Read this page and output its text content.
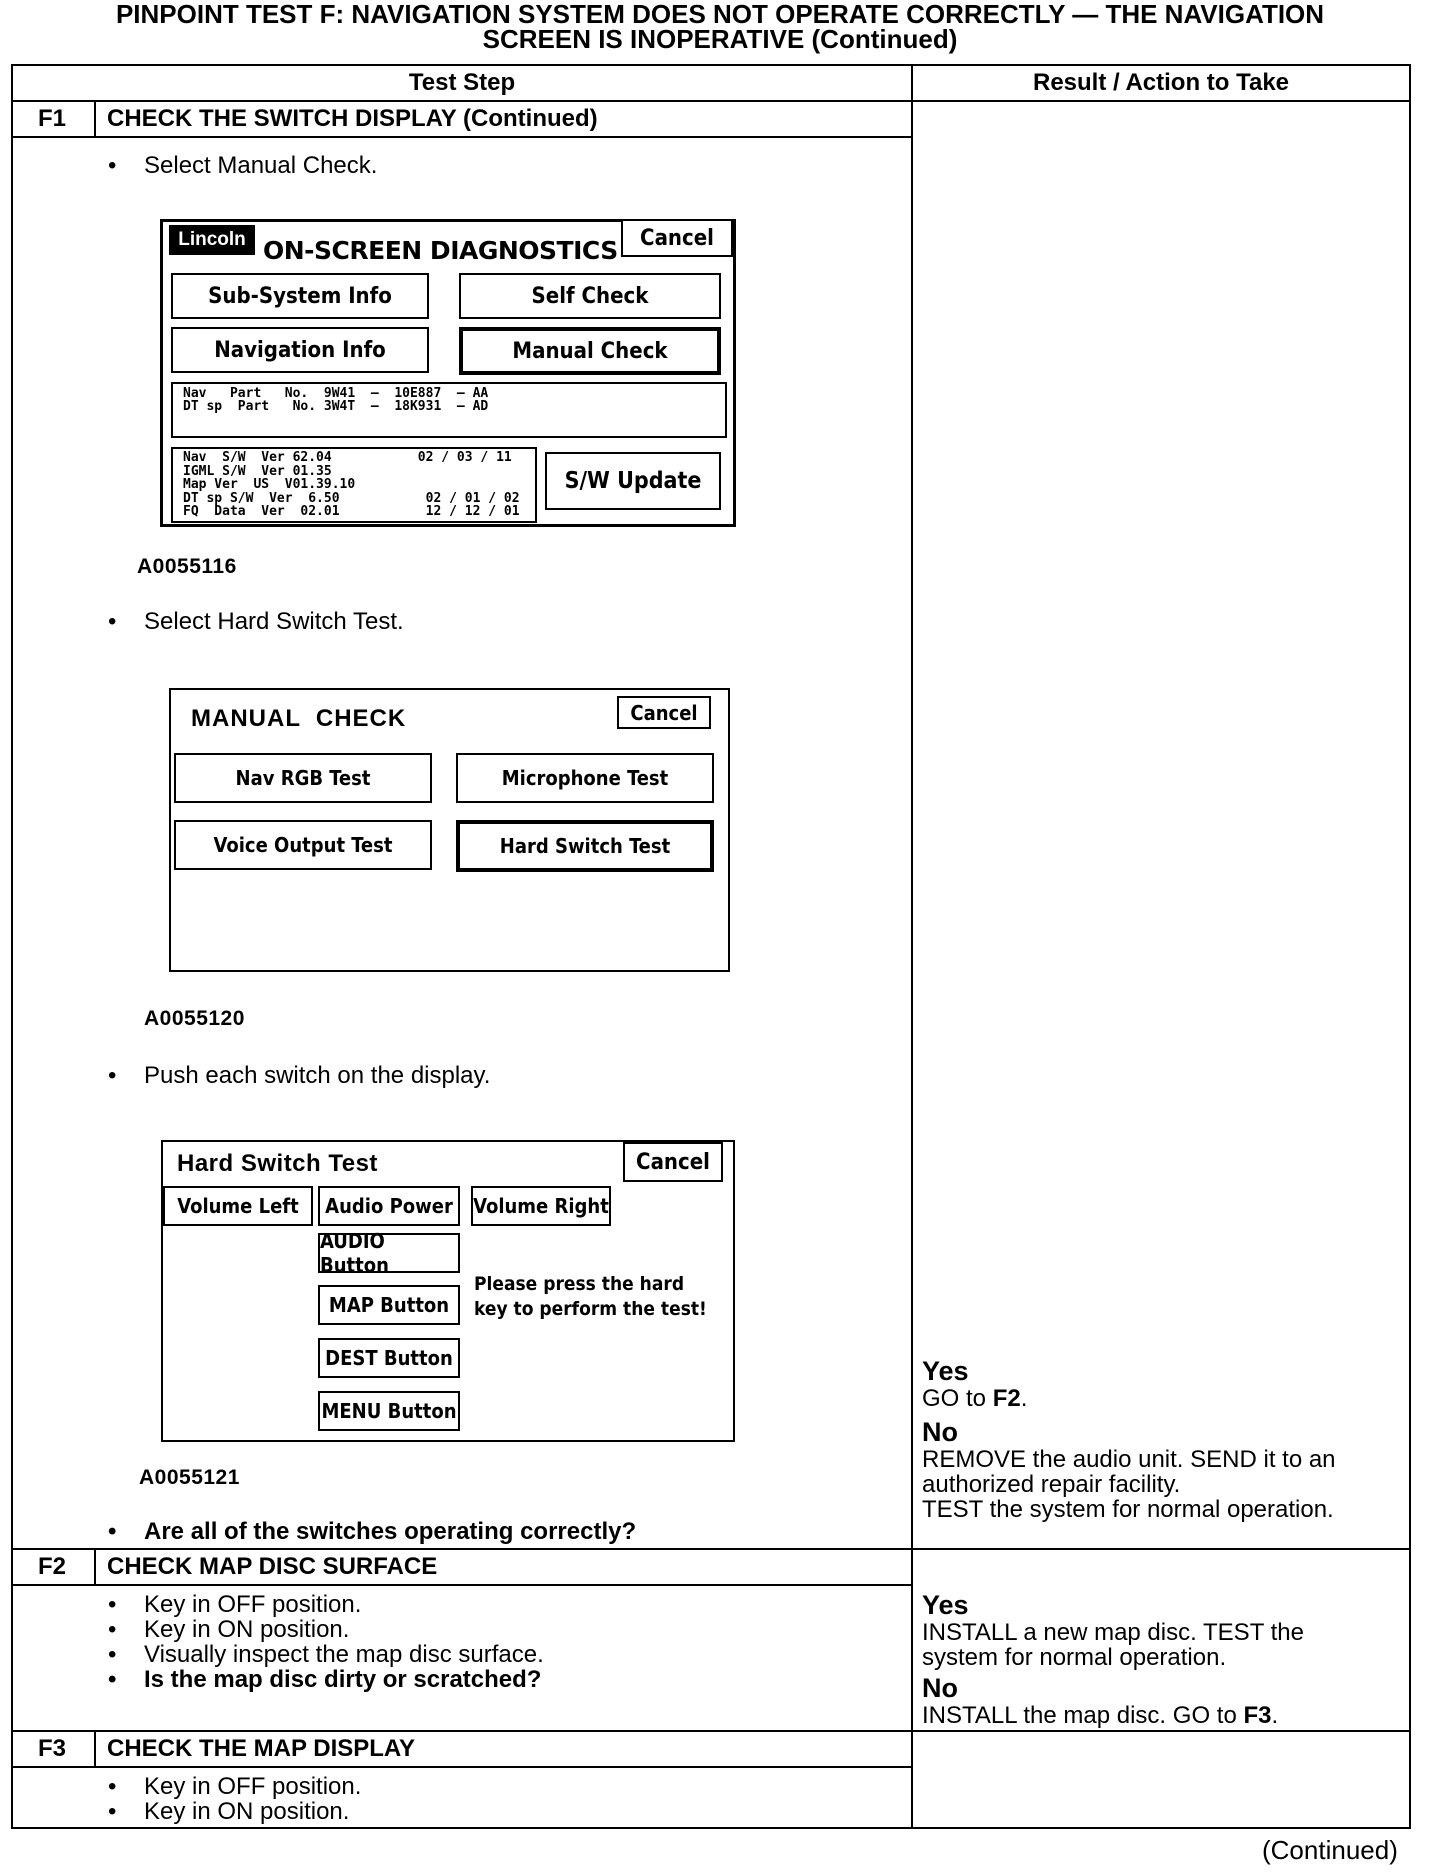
PINPOINT TEST F: NAVIGATION SYSTEM DOES NOT OPERATE CORRECTLY — THE NAVIGATION
SCREEN IS INOPERATIVE (Continued)
Test Step	Result / Action to Take
F1 CHECK THE SWITCH DISPLAY (Continued)
• Select Manual Check.
Lincoln ON-SCREEN DIAGNOSTICS	Cancel
Sub-System Info	Self Check
Navigation Info	Manual Check
Nav   Part   No.  9W41  –  10E887  – AA
DT sp  Part   No. 3W4T  –  18K931  – AD
Nav  S/W  Ver 62.04           02 / 03 / 11
IGML S/W  Ver 01.35
Map Ver  US  V01.39.10
DT sp S/W  Ver  6.50           02 / 01 / 02
FQ  Data  Ver  02.01           12 / 12 / 01
S/W Update
A0055116
• Select Hard Switch Test.
MANUAL  CHECK	Cancel
Nav RGB Test	Microphone Test
Voice Output Test	Hard Switch Test
A0055120
• Push each switch on the display.
Hard Switch Test	Cancel
Volume Left	Audio Power	Volume Right
AUDIO Button
MAP Button
DEST Button
MENU Button
Please press the hard
key to perform the test!
A0055121
• Are all of the switches operating correctly?
Yes
GO to F2.
No
REMOVE the audio unit. SEND it to an
authorized repair facility.
TEST the system for normal operation.
F2 CHECK MAP DISC SURFACE
• Key in OFF position.
• Key in ON position.
• Visually inspect the map disc surface.
• Is the map disc dirty or scratched?
Yes
INSTALL a new map disc. TEST the
system for normal operation.
No
INSTALL the map disc. GO to F3.
F3 CHECK THE MAP DISPLAY
• Key in OFF position.
• Key in ON position.
(Continued)
